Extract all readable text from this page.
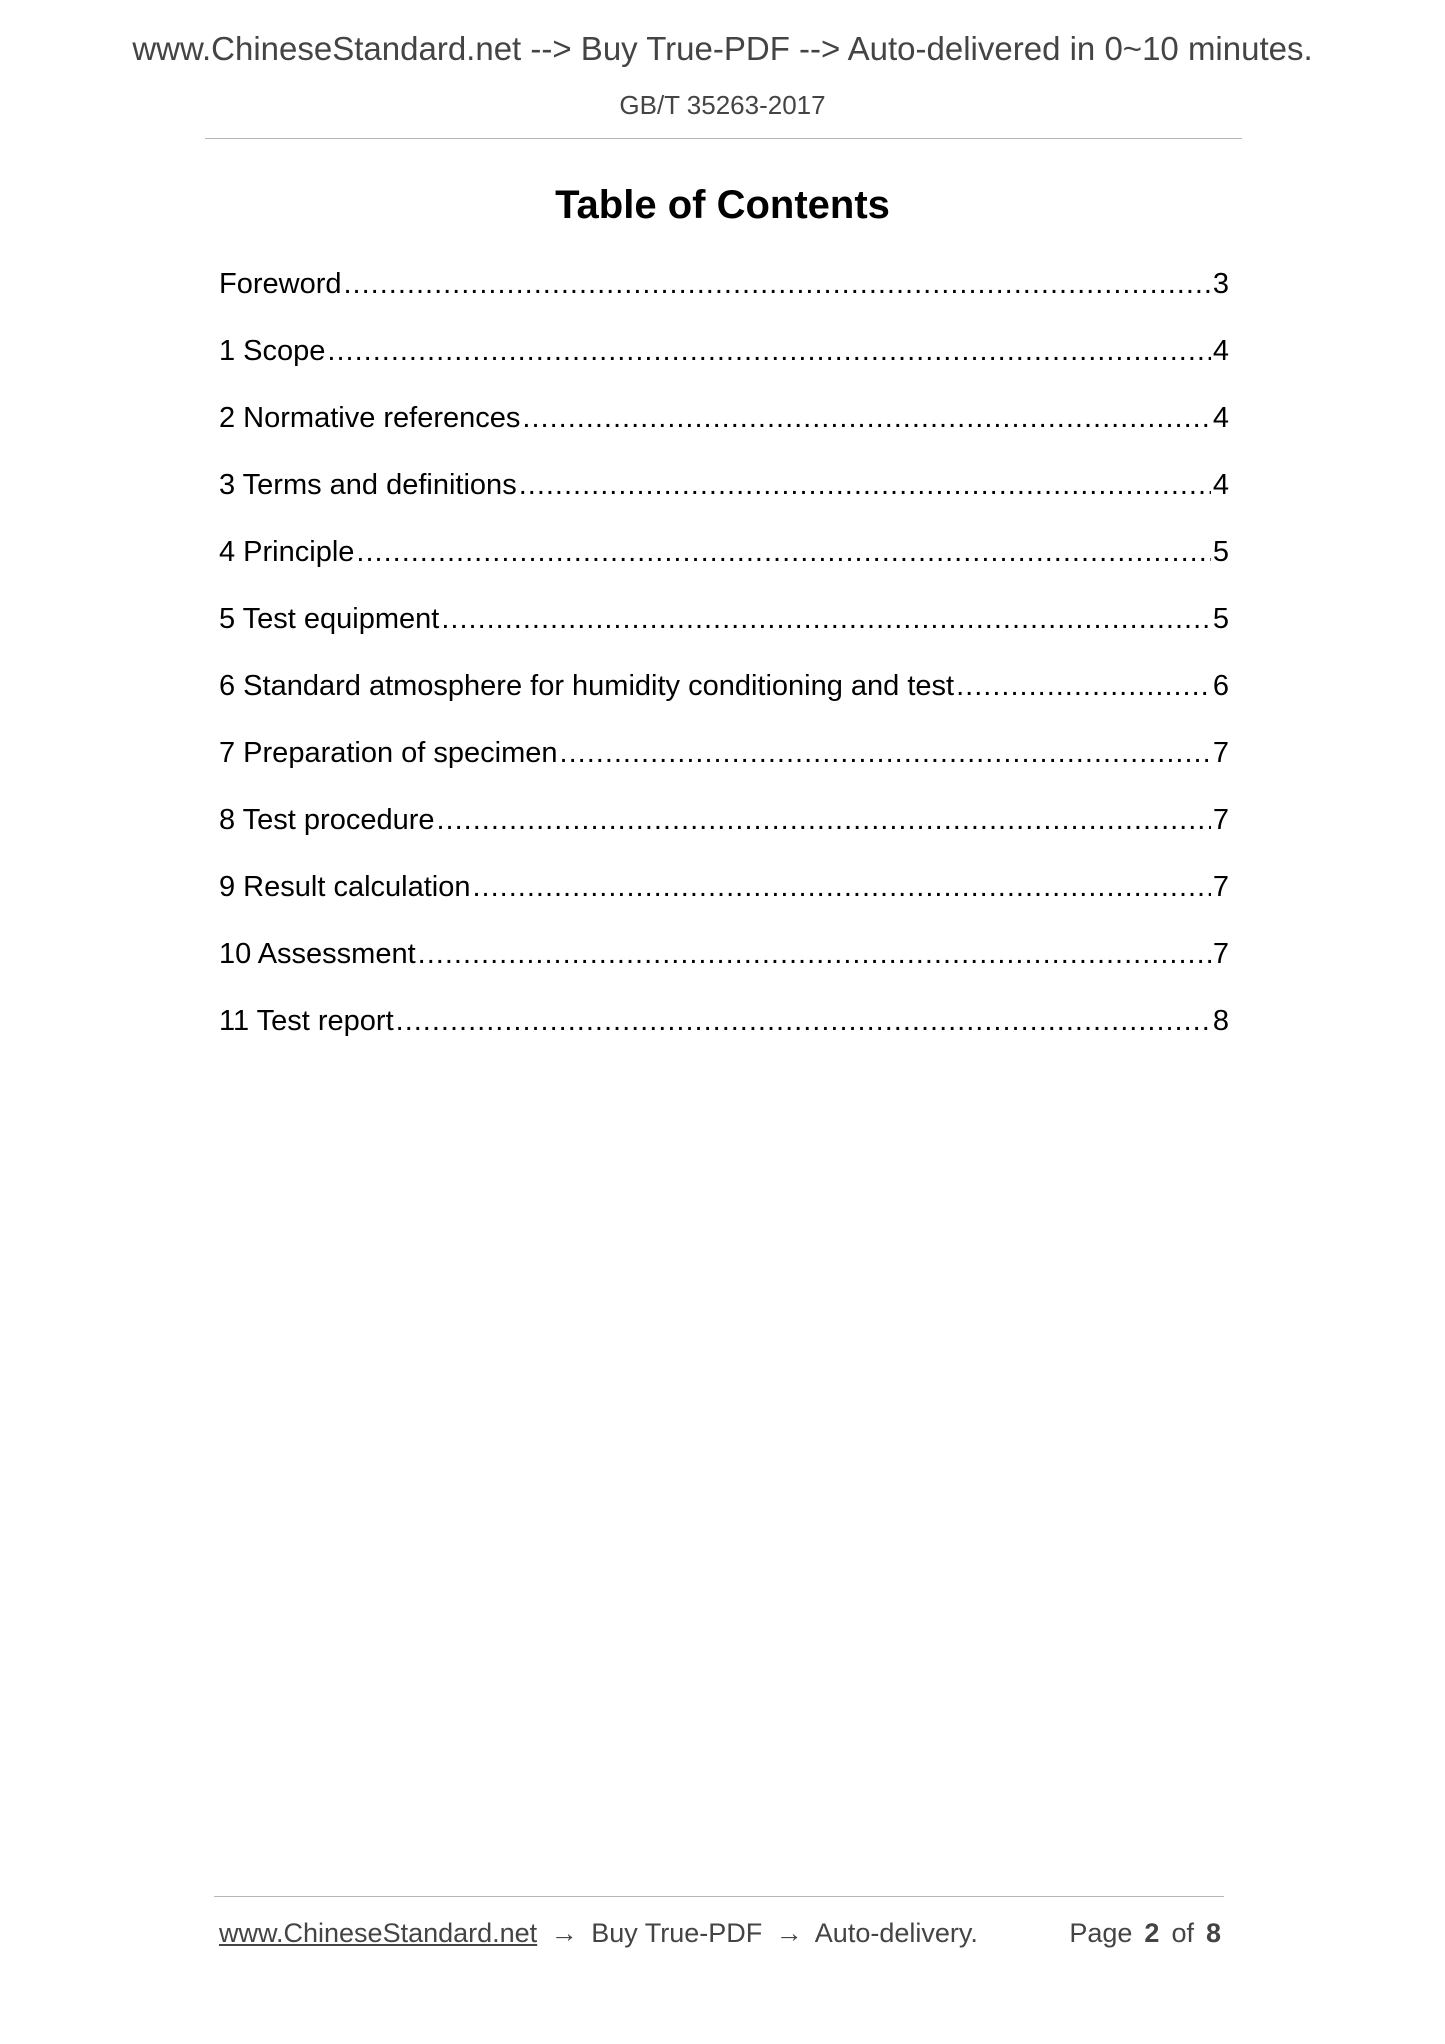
www.ChineseStandard.net --> Buy True-PDF --> Auto-delivered in 0~10 minutes.
GB/T 35263-2017
Table of Contents
Foreword .....	3
1 Scope .....	4
2 Normative references .....	4
3 Terms and definitions .....	4
4 Principle .....	5
5 Test equipment .....	5
6 Standard atmosphere for humidity conditioning and test .....	6
7 Preparation of specimen .....	7
8 Test procedure .....	7
9 Result calculation .....	7
10 Assessment .....	7
11 Test report .....	8
www.ChineseStandard.net → Buy True-PDF → Auto-delivery.	Page 2 of 8
